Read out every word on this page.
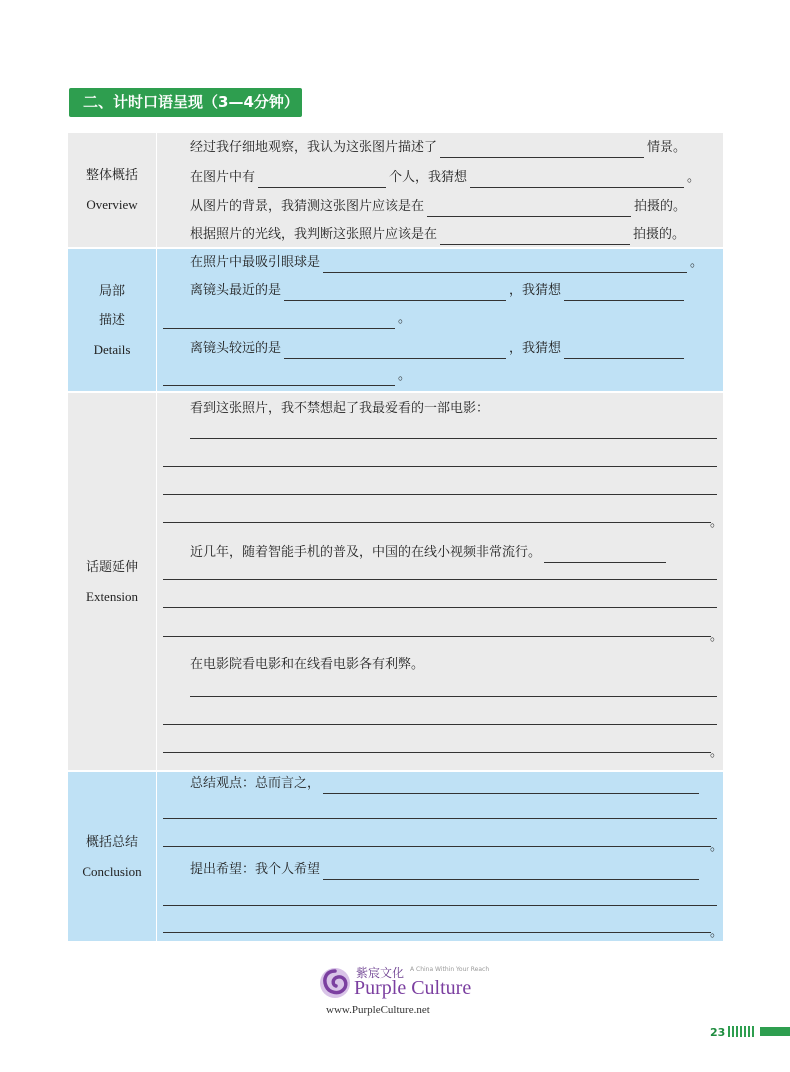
二、计时口语呈现（3—4分钟）
整体概括
Overview
经过我仔细地观察，我认为这张图片描述了	情景。
在图片中有	个人，我猜想	。
从图片的背景，我猜测这张图片应该是在	拍摄的。
根据照片的光线，我判断这张照片应该是在	拍摄的。
局部
描述
Details
在照片中最吸引眼球是	。
离镜头最近的是	，我猜想
。
离镜头较远的是	，我猜想
。
话题延伸
Extension
看到这张照片，我不禁想起了我最爱看的一部电影：
。
近几年，随着智能手机的普及，中国的在线小视频非常流行。
。
在电影院看电影和在线看电影各有利弊。
。
概括总结
Conclusion
总结观点：总而言之，
。
提出希望：我个人希望
。
紫宸文化 A China Within Your Reach
Purple Culture
www.PurpleCulture.net
23
